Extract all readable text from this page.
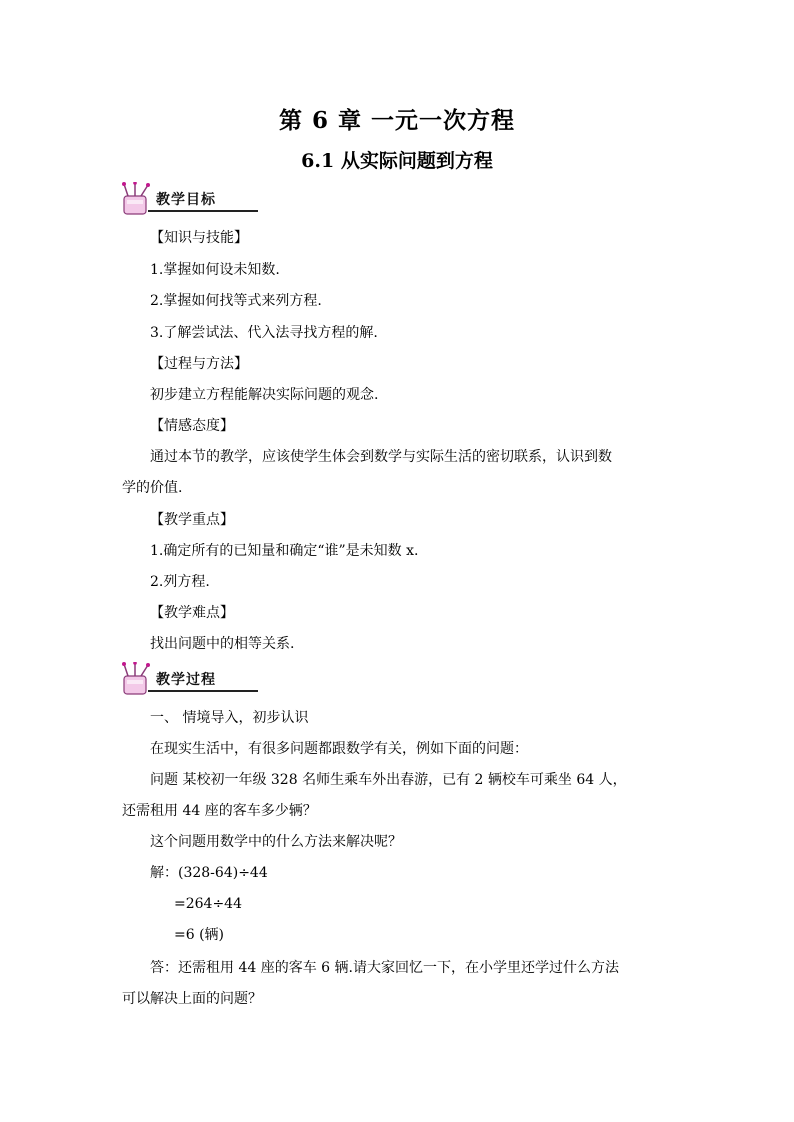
第 6 章 一元一次方程
6.1 从实际问题到方程
教学目标
【知识与技能】
1.掌握如何设未知数.
2.掌握如何找等式来列方程.
3.了解尝试法、代入法寻找方程的解.
【过程与方法】
初步建立方程能解决实际问题的观念.
【情感态度】
通过本节的教学，应该使学生体会到数学与实际生活的密切联系，认识到数
学的价值.
【教学重点】
1.确定所有的已知量和确定“谁”是未知数 x.
2.列方程.
【教学难点】
找出问题中的相等关系.
教学过程
一、 情境导入，初步认识
在现实生活中，有很多问题都跟数学有关，例如下面的问题：
问题 某校初一年级 328 名师生乘车外出春游，已有 2 辆校车可乘坐 64 人，
还需租用 44 座的客车多少辆？
这个问题用数学中的什么方法来解决呢？
解：(328-64)÷44
=264÷44
=6 (辆)
答：还需租用 44 座的客车 6 辆.请大家回忆一下，在小学里还学过什么方法
可以解决上面的问题？
